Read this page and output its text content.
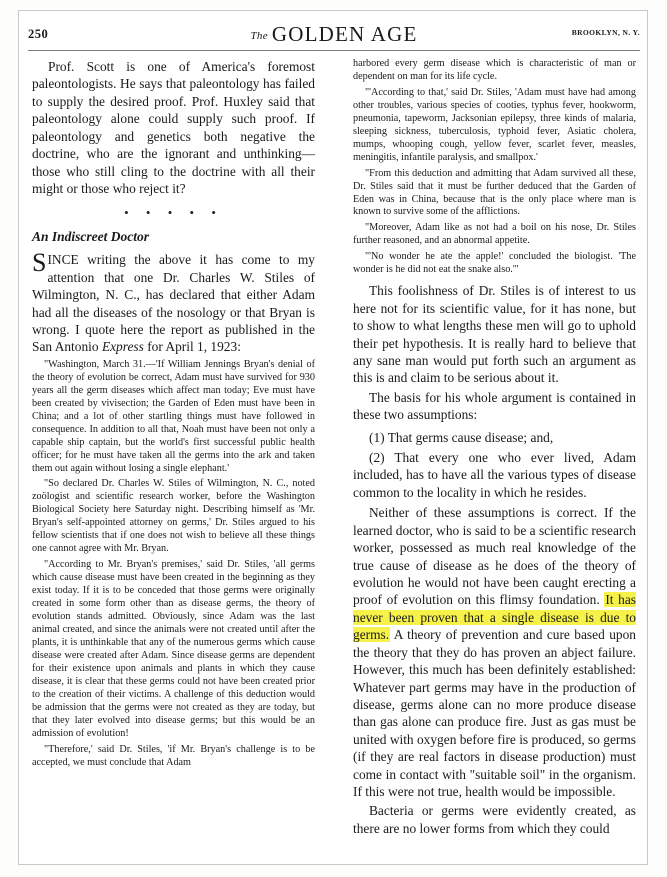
250	The GOLDEN AGE	BROOKLYN, N. Y.

Prof. Scott is one of America's foremost paleontologists. He says that paleontology has failed to supply the desired proof. Prof. Huxley said that paleontology alone could supply such proof. If paleontology and genetics both negative the doctrine, who are the ignorant and unthinking—those who still cling to the doctrine with all their might or those who reject it?

• • • • •
An Indiscreet Doctor

SINCE writing the above it has come to my attention that one Dr. Charles W. Stiles of Wilmington, N. C., has declared that either Adam had all the diseases of the nosology or that Bryan is wrong. I quote here the report as published in the San Antonio Express for April 1, 1923:

"Washington, March 31.—'If William Jennings Bryan's denial of the theory of evolution be correct, Adam must have survived for 930 years all the germ diseases which affect man today; Eve must have been created by vivisection; the Garden of Eden must have been in China; and a lot of other startling things must have followed in consequence. In addition to all that, Noah must have been not only a capable ship captain, but the world's first successful public health officer; for he must have taken all the germs into the ark and taken them out again without losing a single elephant.'

"So declared Dr. Charles W. Stiles of Wilmington, N. C., noted zoölogist and scientific research worker, before the Washington Biological Society here Saturday night. Describing himself as 'Mr. Bryan's self-appointed attorney on germs,' Dr. Stiles argued to his fellow scientists that if one does not wish to believe all these things one cannot agree with Mr. Bryan.

"According to Mr. Bryan's premises,' said Dr. Stiles, 'all germs which cause disease must have been created in the beginning as they exist today. If it is to be conceded that those germs were originally created in some form other than as disease germs, the theory of evolution stands admitted. Obviously, since Adam was the last animal created, and since the animals were not created until after the plants, it is unthinkable that any of the numerous germs which cause disease were created after Adam. Since disease germs are dependent for their existence upon animals and plants in which they cause disease, it is clear that these germs could not have been created prior to the creation of their victims. A challenge of this deduction would be admission that the germs were not created as they are today, but that they later evolved into disease germs; but this would be an admission of evolution!

"Therefore,' said Dr. Stiles, 'if Mr. Bryan's challenge is to be accepted, we must conclude that Adam

harbored every germ disease which is characteristic of man or dependent on man for its life cycle.

"'According to that,' said Dr. Stiles, 'Adam must have had among other troubles, various species of cooties, typhus fever, hookworm, pneumonia, tapeworm, Jacksonian epilepsy, three kinds of malaria, sleeping sickness, tuberculosis, typhoid fever, Asiatic cholera, mumps, whooping cough, yellow fever, scarlet fever, measles, meningitis, infantile paralysis, and smallpox.'

"From this deduction and admitting that Adam survived all these, Dr. Stiles said that it must be further deduced that the Garden of Eden was in China, because that is the only place where man is known to survive some of the afflictions.

"Moreover, Adam like as not had a boil on his nose, Dr. Stiles further reasoned, and an abnormal appetite.

"'No wonder he ate the apple!' concluded the biologist. 'The wonder is he did not eat the snake also.'"

This foolishness of Dr. Stiles is of interest to us here not for its scientific value, for it has none, but to show to what lengths these men will go to uphold their pet hypothesis. It is really hard to believe that any sane man would put forth such an argument as this is and claim to be serious about it.

The basis for his whole argument is contained in these two assumptions:

(1) That germs cause disease; and,

(2) That every one who ever lived, Adam included, has to have all the various types of disease common to the locality in which he resides.

Neither of these assumptions is correct. If the learned doctor, who is said to be a scientific research worker, possessed as much real knowledge of the true cause of disease as he does of the theory of evolution he would not have been caught erecting a proof of evolution on this flimsy foundation. It has never been proven that a single disease is due to germs. A theory of prevention and cure based upon the theory that they do has proven an abject failure. However, this much has been definitely established: Whatever part germs may have in the production of disease, germs alone can no more produce disease than gas alone can produce fire. Just as gas must be united with oxygen before fire is produced, so germs (if they are real factors in disease production) must come in contact with "suitable soil" in the organism. If this were not true, health would be impossible.

Bacteria or germs were evidently created, as there are no lower forms from which they could
